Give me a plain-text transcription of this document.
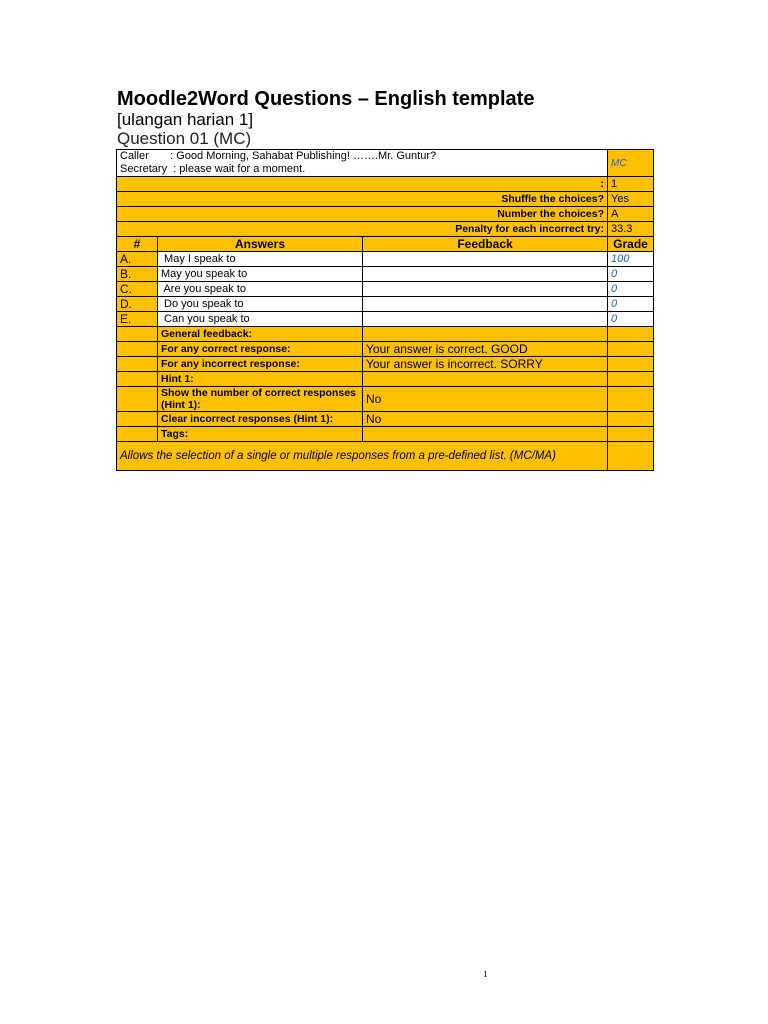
Moodle2Word Questions – English template
[ulangan harian 1]
Question 01 (MC)
Caller       : Good Morning, Sahabat Publishing! …….Mr. Guntur?
Secretary  : please wait for a moment.			MC
:			1
Shuffle the choices?			Yes
Number the choices?			A
Penalty for each incorrect try:			33.3
#	Answers	Feedback	Grade
A.	May I speak to		100
B.	May you speak to		0
C.	Are you speak to		0
D.	Do you speak to		0
E.	Can you speak to		0
	General feedback:		
	For any correct response:	Your answer is correct. GOOD	
	For any incorrect response:	Your answer is incorrect. SORRY	
	Hint 1:		
	Show the number of correct responses (Hint 1):	No	
	Clear incorrect responses (Hint 1):	No	
	Tags:		
Allows the selection of a single or multiple responses from a pre-defined list. (MC/MA)			
1
